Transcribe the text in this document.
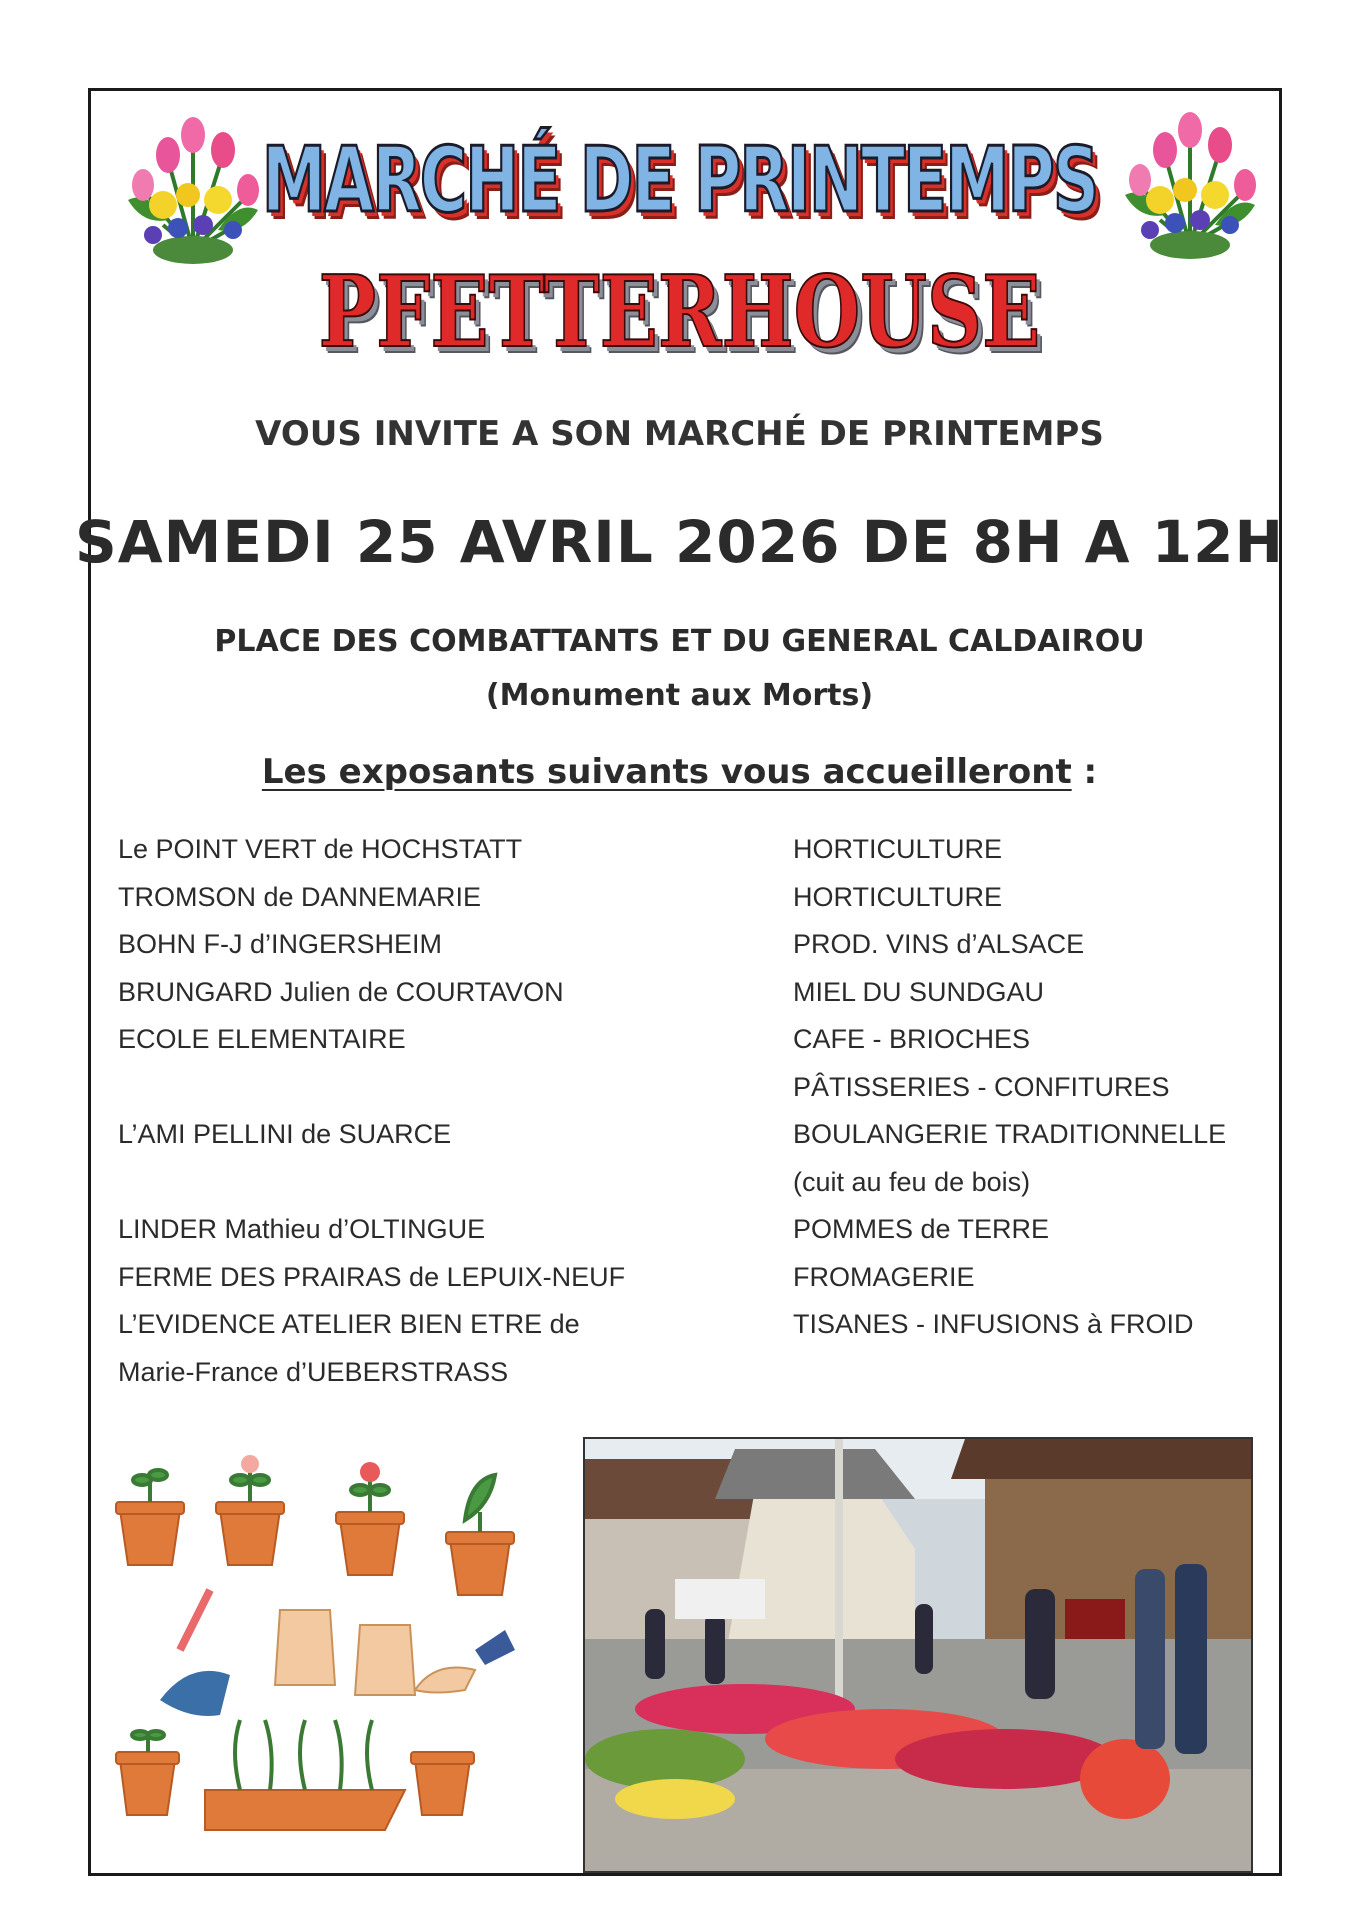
MARCHÉ DE PRINTEMPS
PFETTERHOUSE
VOUS INVITE A SON MARCHÉ DE PRINTEMPS
SAMEDI 25 AVRIL 2026 DE 8H A 12H
PLACE DES COMBATTANTS ET DU GENERAL CALDAIROU
(Monument aux Morts)
Les exposants suivants vous accueilleront :
Le POINT VERT de HOCHSTATT
TROMSON de DANNEMARIE
BOHN F-J d’INGERSHEIM
BRUNGARD Julien de COURTAVON
ECOLE ELEMENTAIRE
L’AMI PELLINI de SUARCE
LINDER Mathieu d’OLTINGUE
FERME DES PRAIRAS de LEPUIX-NEUF
L’EVIDENCE ATELIER BIEN ETRE de
Marie-France d’UEBERSTRASS
HORTICULTURE
HORTICULTURE
PROD. VINS d’ALSACE
MIEL DU SUNDGAU
CAFE - BRIOCHES
PÂTISSERIES - CONFITURES
BOULANGERIE TRADITIONNELLE
(cuit au feu de bois)
POMMES de TERRE
FROMAGERIE
TISANES - INFUSIONS à FROID
